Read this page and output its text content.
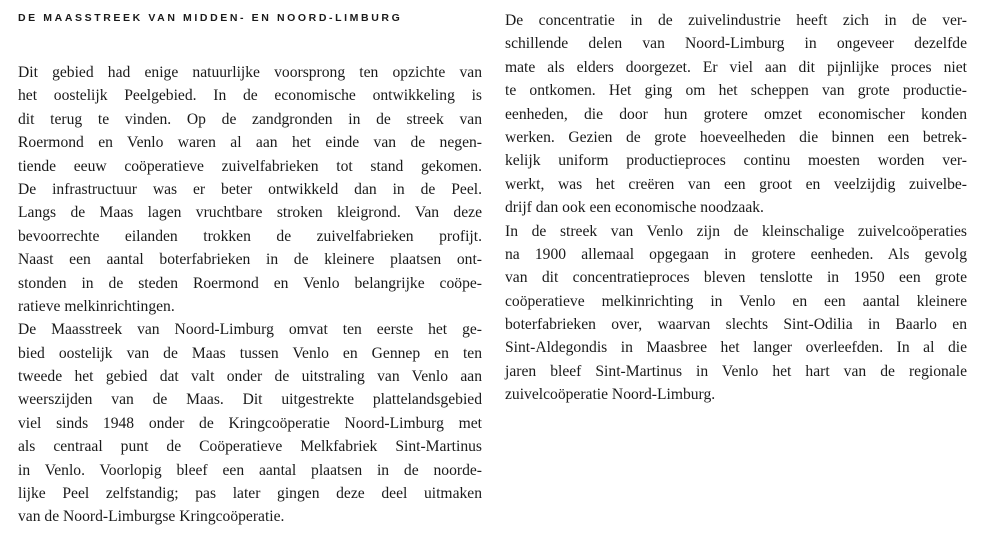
DE MAASSTREEK VAN MIDDEN- EN NOORD-LIMBURG
Dit gebied had enige natuurlijke voorsprong ten opzichte van
het oostelijk Peelgebied. In de economische ontwikkeling is
dit terug te vinden. Op de zandgronden in de streek van
Roermond en Venlo waren al aan het einde van de negen-
tiende eeuw coöperatieve zuivelfabrieken tot stand gekomen.
De infrastructuur was er beter ontwikkeld dan in de Peel.
Langs de Maas lagen vruchtbare stroken kleigrond. Van deze
bevoorrechte eilanden trokken de zuivelfabrieken profijt.
Naast een aantal boterfabrieken in de kleinere plaatsen ont-
stonden in de steden Roermond en Venlo belangrijke coöpe-
ratieve melkinrichtingen.
De Maasstreek van Noord-Limburg omvat ten eerste het ge-
bied oostelijk van de Maas tussen Venlo en Gennep en ten
tweede het gebied dat valt onder de uitstraling van Venlo aan
weerszijden van de Maas. Dit uitgestrekte plattelandsgebied
viel sinds 1948 onder de Kringcoöperatie Noord-Limburg met
als centraal punt de Coöperatieve Melkfabriek Sint-Martinus
in Venlo. Voorlopig bleef een aantal plaatsen in de noorde-
lijke Peel zelfstandig; pas later gingen deze deel uitmaken
van de Noord-Limburgse Kringcoöperatie.
De concentratie in de zuivelindustrie heeft zich in de ver-
schillende delen van Noord-Limburg in ongeveer dezelfde
mate als elders doorgezet. Er viel aan dit pijnlijke proces niet
te ontkomen. Het ging om het scheppen van grote productie-
eenheden, die door hun grotere omzet economischer konden
werken. Gezien de grote hoeveelheden die binnen een betrek-
kelijk uniform productieproces continu moesten worden ver-
werkt, was het creëren van een groot en veelzijdig zuivelbe-
drijf dan ook een economische noodzaak.
In de streek van Venlo zijn de kleinschalige zuivelcoöperaties
na 1900 allemaal opgegaan in grotere eenheden. Als gevolg
van dit concentratieproces bleven tenslotte in 1950 een grote
coöperatieve melkinrichting in Venlo en een aantal kleinere
boterfabrieken over, waarvan slechts Sint-Odilia in Baarlo en
Sint-Aldegondis in Maasbree het langer overleefden. In al die
jaren bleef Sint-Martinus in Venlo het hart van de regionale
zuivelcoöperatie Noord-Limburg.
